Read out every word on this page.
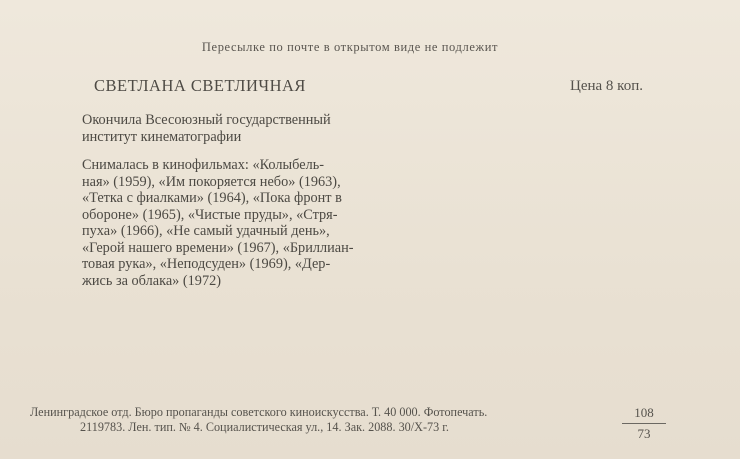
Пересылке по почте в открытом виде не подлежит
СВЕТЛАНА СВЕТЛИЧНАЯ	Цена 8 коп.

Окончила Всесоюзный государственный
институт кинематографии

Снималась в кинофильмах: «Колыбель-
ная» (1959), «Им покоряется небо» (1963),
«Тетка с фиалками» (1964), «Пока фронт в
обороне» (1965), «Чистые пруды», «Стря-
пуха» (1966), «Не самый удачный день»,
«Герой нашего времени» (1967), «Бриллиан-
товая рука», «Неподсуден» (1969), «Дер-
жись за облака» (1972)

Ленинградское отд. Бюро пропаганды советского киноискусства. Т. 40 000. Фотопечать.
2119783. Лен. тип. № 4. Социалистическая ул., 14. Зак. 2088. 30/X-73 г.	$\frac{108}{73}$
